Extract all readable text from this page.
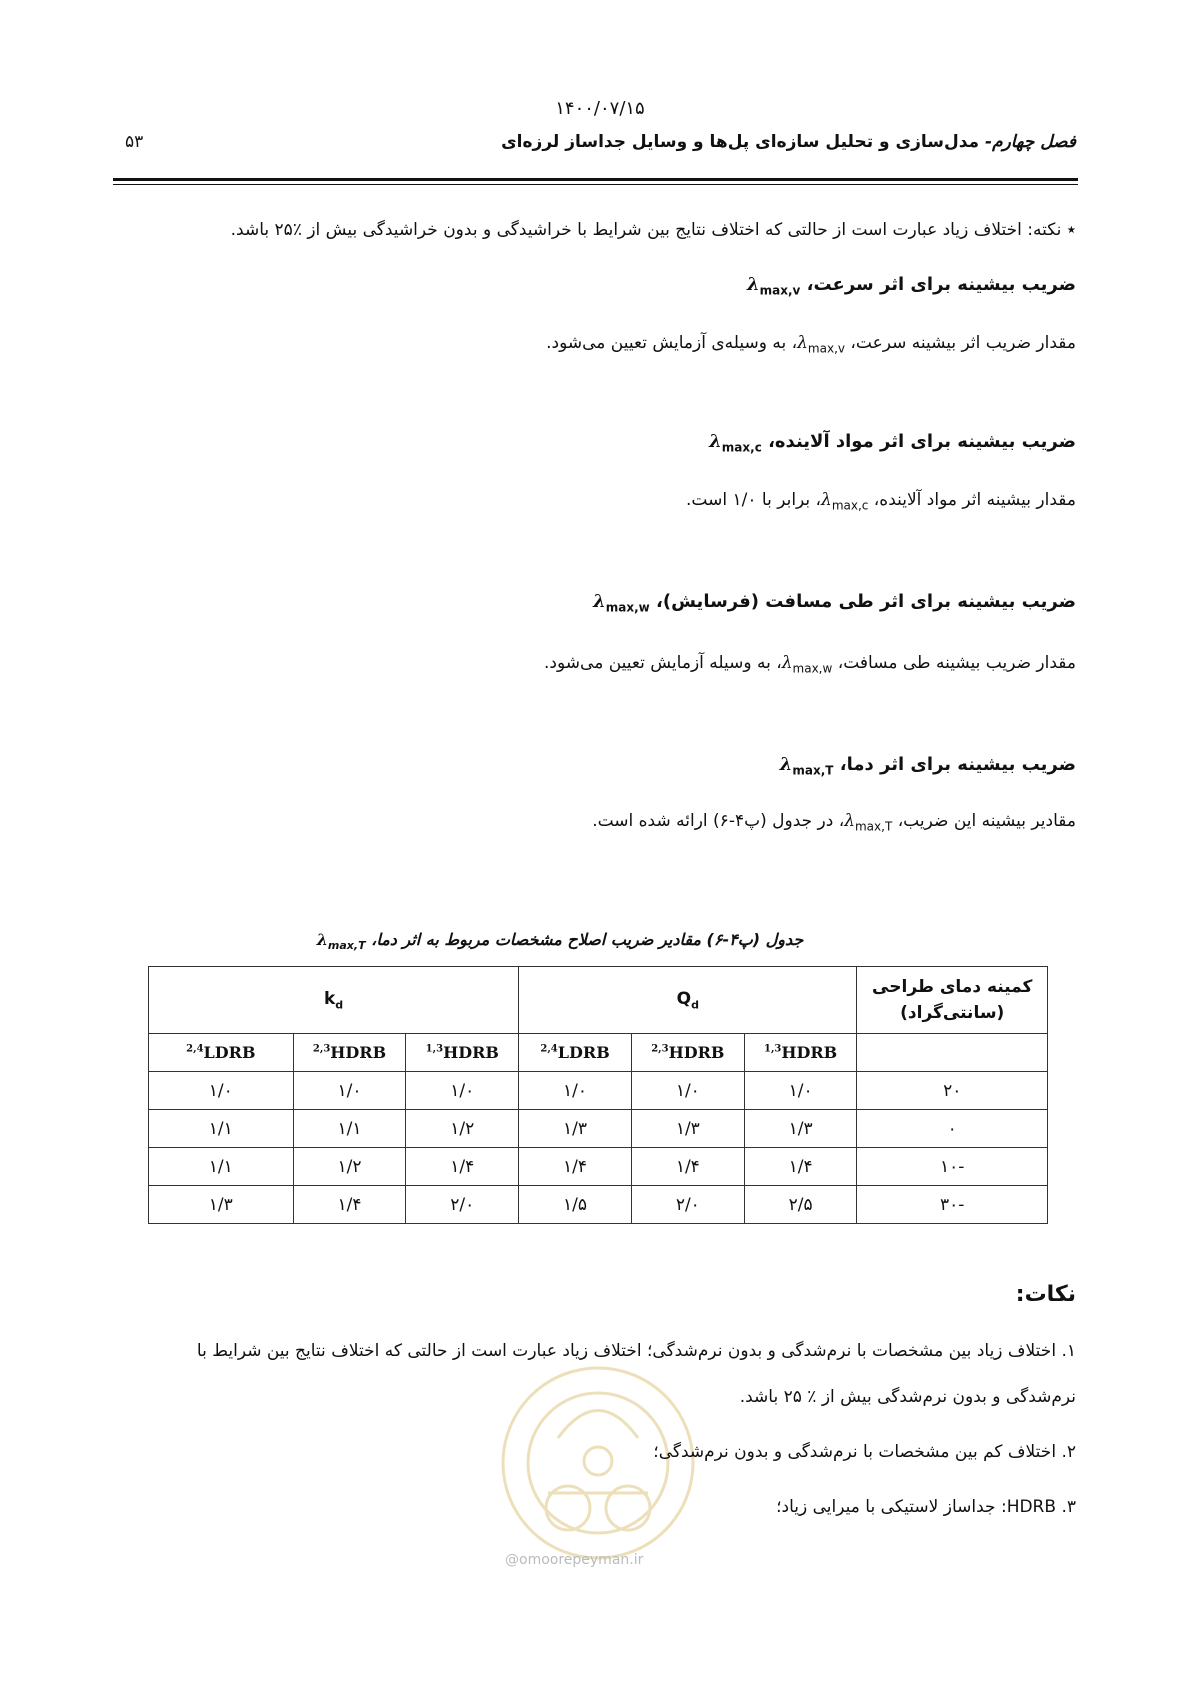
۱۴۰۰/۰۷/۱۵
فصل چهارم- مدل‌سازی و تحلیل سازه‌ای پل‌ها و وسایل جداساز لرزه‌ای
۵۳
٭ نکته: اختلاف زیاد عبارت است از حالتی که اختلاف نتایج بین شرایط با خراشیدگی و بدون خراشیدگی بیش از ٪۲۵ باشد.
ضریب بیشینه برای اثر سرعت، $\lambda_{max,v}$
مقدار ضریب اثر بیشینه سرعت، $\lambda_{max,v}،$ به وسیله‌ی آزمایش تعیین می‌شود.
ضریب بیشینه برای اثر مواد آلاینده، $\lambda_{max,c}$
مقدار بیشینه اثر مواد آلاینده، $\lambda_{max,c}،$ برابر با ۱/۰ است.
ضریب بیشینه برای اثر طی مسافت (فرسایش)، $\lambda_{max,w}$
مقدار ضریب بیشینه طی مسافت، $\lambda_{max,w}،$ به وسیله آزمایش تعیین می‌شود.
ضریب بیشینه برای اثر دما، $\lambda_{max,T}$
مقادیر بیشینه این ضریب، $\lambda_{max,T}،$ در جدول (پ۴-۶) ارائه شده است.
جدول (پ۴-۶) مقادیر ضریب اصلاح مشخصات مربوط به اثر دما، $\lambda_{max,T}$
کمینه دمای طراحی
(سانتی‌گراد)	$Q_d$			$k_d$
	$^{1,3}$HDRB	$^{2,3}$HDRB	$^{2,4}$LDRB	$^{1,3}$HDRB	$^{2,3}$HDRB	$^{2,4}$LDRB
۲۰	۱/۰	۱/۰	۱/۰	۱/۰	۱/۰	۱/۰
۰	۱/۳	۱/۳	۱/۳	۱/۲	۱/۱	۱/۱
-۱۰	۱/۴	۱/۴	۱/۴	۱/۴	۱/۲	۱/۱
-۳۰	۲/۵	۲/۰	۱/۵	۲/۰	۱/۴	۱/۳
@omoorepeyman.ir
نکات:
۱. اختلاف زیاد بین مشخصات با نرم‌شدگی و بدون نرم‌شدگی؛ اختلاف زیاد عبارت است از حالتی که اختلاف نتایج بین شرایط با
نرم‌شدگی و بدون نرم‌شدگی بیش از ٪ ۲۵ باشد.
۲. اختلاف کم بین مشخصات با نرم‌شدگی و بدون نرم‌شدگی؛
۳. HDRB: جداساز لاستیکی با میرایی زیاد؛
